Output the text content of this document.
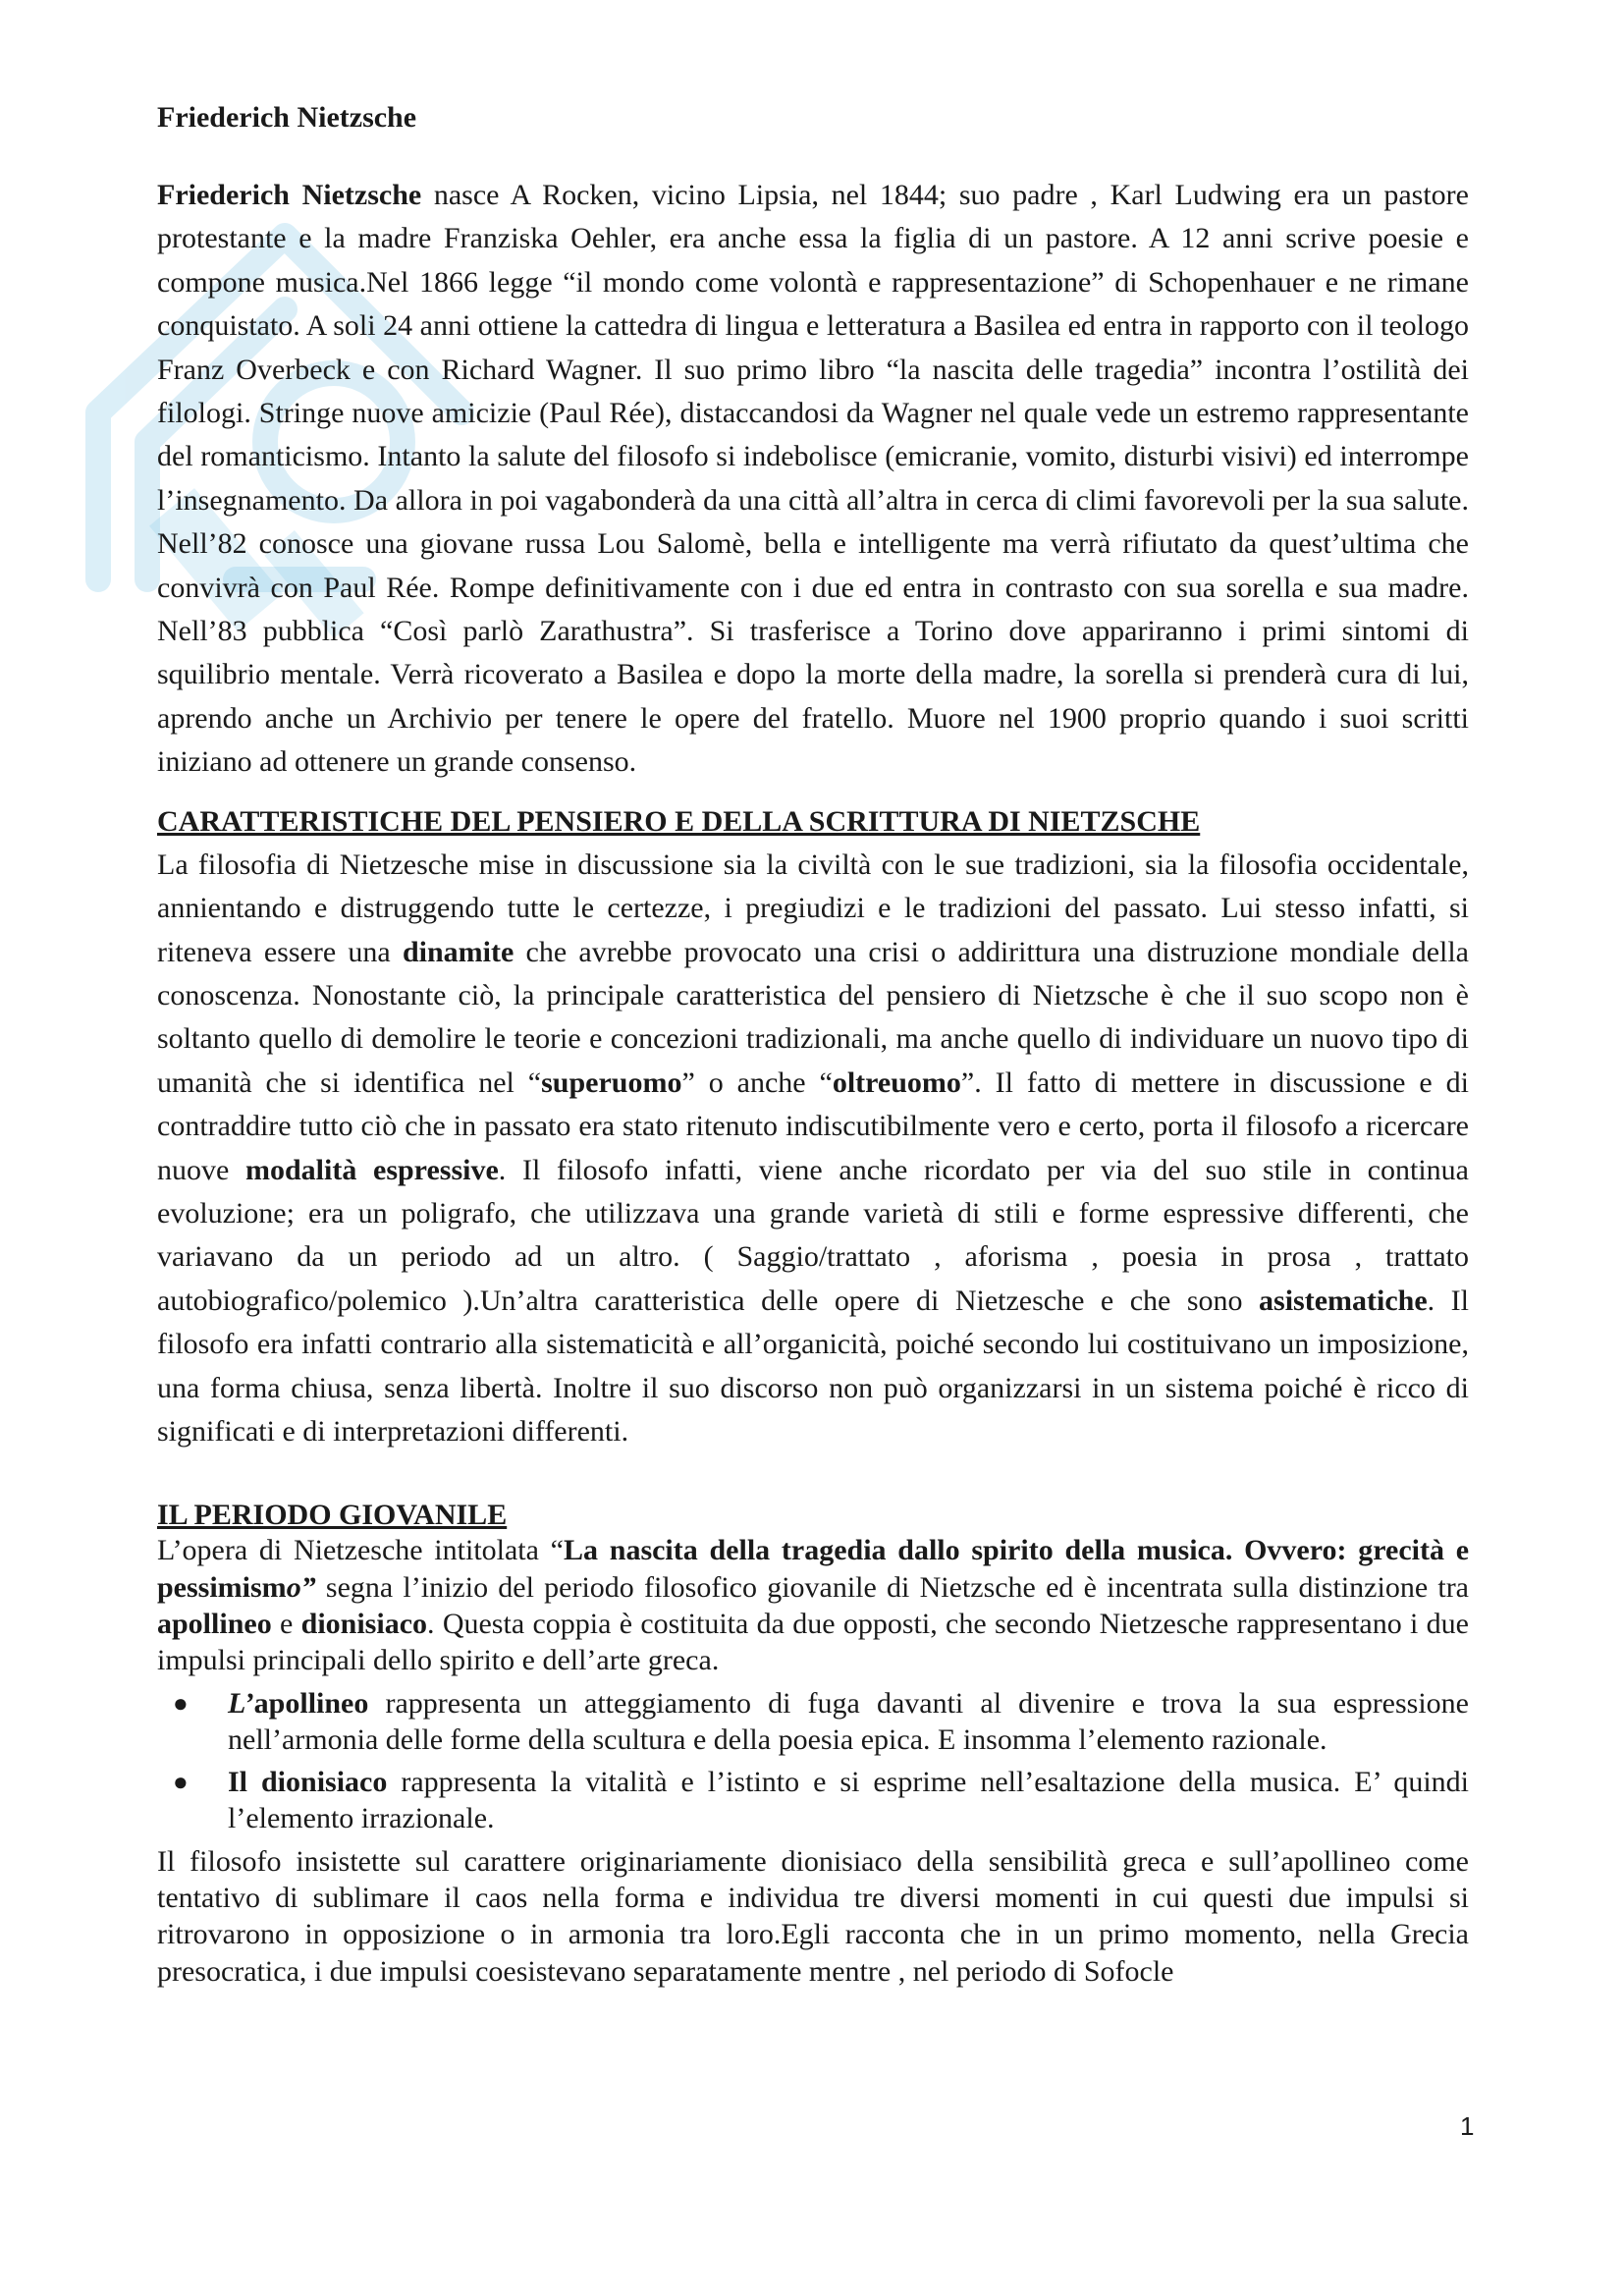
Friederich Nietzsche

Friederich Nietzsche nasce A Rocken, vicino Lipsia, nel 1844; suo padre , Karl Ludwing era un pastore protestante e la madre Franziska Oehler, era anche essa la figlia di un pastore. A 12 anni scrive poesie e compone musica.Nel 1866 legge “il mondo come volontà e rappresentazione” di Schopenhauer e ne rimane conquistato. A soli 24 anni ottiene la cattedra di lingua e letteratura a Basilea ed entra in rapporto con il teologo Franz Overbeck e con Richard Wagner. Il suo primo libro “la nascita delle tragedia” incontra l’ostilità dei filologi. Stringe nuove amicizie (Paul Rée), distaccandosi da Wagner nel quale vede un estremo rappresentante del romanticismo. Intanto la salute del filosofo si indebolisce (emicranie, vomito, disturbi visivi) ed interrompe l’insegnamento. Da allora in poi vagabonderà da una città all’altra in cerca di climi favorevoli per la sua salute. Nell’82 conosce una giovane russa Lou Salomè, bella e intelligente ma verrà rifiutato da quest’ultima che convivrà con Paul Rée. Rompe definitivamente con i due ed entra in contrasto con sua sorella e sua madre. Nell’83 pubblica “Così parlò Zarathustra”. Si trasferisce a Torino dove appariranno i primi sintomi di squilibrio mentale. Verrà ricoverato a Basilea e dopo la morte della madre, la sorella si prenderà cura di lui, aprendo anche un Archivio per tenere le opere del fratello. Muore nel 1900 proprio quando i suoi scritti iniziano ad ottenere un grande consenso.

CARATTERISTICHE DEL PENSIERO E DELLA SCRITTURA DI NIETZSCHE

La filosofia di Nietzesche mise in discussione sia la civiltà con le sue tradizioni, sia la filosofia occidentale, annientando e distruggendo tutte le certezze, i pregiudizi e le tradizioni del passato. Lui stesso infatti, si riteneva essere una dinamite che avrebbe provocato una crisi o addirittura una distruzione mondiale della conoscenza. Nonostante ciò, la principale caratteristica del pensiero di Nietzsche è che il suo scopo non è soltanto quello di demolire le teorie e concezioni tradizionali, ma anche quello di individuare un nuovo tipo di umanità che si identifica nel “superuomo” o anche “oltreuomo”. Il fatto di mettere in discussione e di contraddire tutto ciò che in passato era stato ritenuto indiscutibilmente vero e certo, porta il filosofo a ricercare nuove modalità espressive. Il filosofo infatti, viene anche ricordato per via del suo stile in continua evoluzione; era un poligrafo, che utilizzava una grande varietà di stili e forme espressive differenti, che variavano da un periodo ad un altro. ( Saggio/trattato , aforisma , poesia in prosa , trattato autobiografico/polemico ).Un’altra caratteristica delle opere di Nietzesche e che sono asistematiche. Il filosofo era infatti contrario alla sistematicità e all’organicità, poiché secondo lui costituivano un imposizione, una forma chiusa, senza libertà. Inoltre il suo discorso non può organizzarsi in un sistema poiché è ricco di significati e di interpretazioni differenti.

IL PERIODO GIOVANILE

L’opera di Nietzesche intitolata “La nascita della tragedia dallo spirito della musica. Ovvero: grecità e pessimismo” segna l’inizio del periodo filosofico giovanile di Nietzsche ed è incentrata sulla distinzione tra apollineo e dionisiaco. Questa coppia è costituita da due opposti, che secondo Nietzesche rappresentano i due impulsi principali dello spirito e dell’arte greca.

● L’apollineo rappresenta un atteggiamento di fuga davanti al divenire e trova la sua espressione nell’armonia delle forme della scultura e della poesia epica. E insomma l’elemento razionale.
● Il dionisiaco rappresenta la vitalità e l’istinto e si esprime nell’esaltazione della musica. E’ quindi l’elemento irrazionale.

Il filosofo insistette sul carattere originariamente dionisiaco della sensibilità greca e sull’apollineo come tentativo di sublimare il caos nella forma e individua tre diversi momenti in cui questi due impulsi si ritrovarono in opposizione o in armonia tra loro.Egli racconta che in un primo momento, nella Grecia presocratica, i due impulsi coesistevano separatamente mentre , nel periodo di Sofocle

1
